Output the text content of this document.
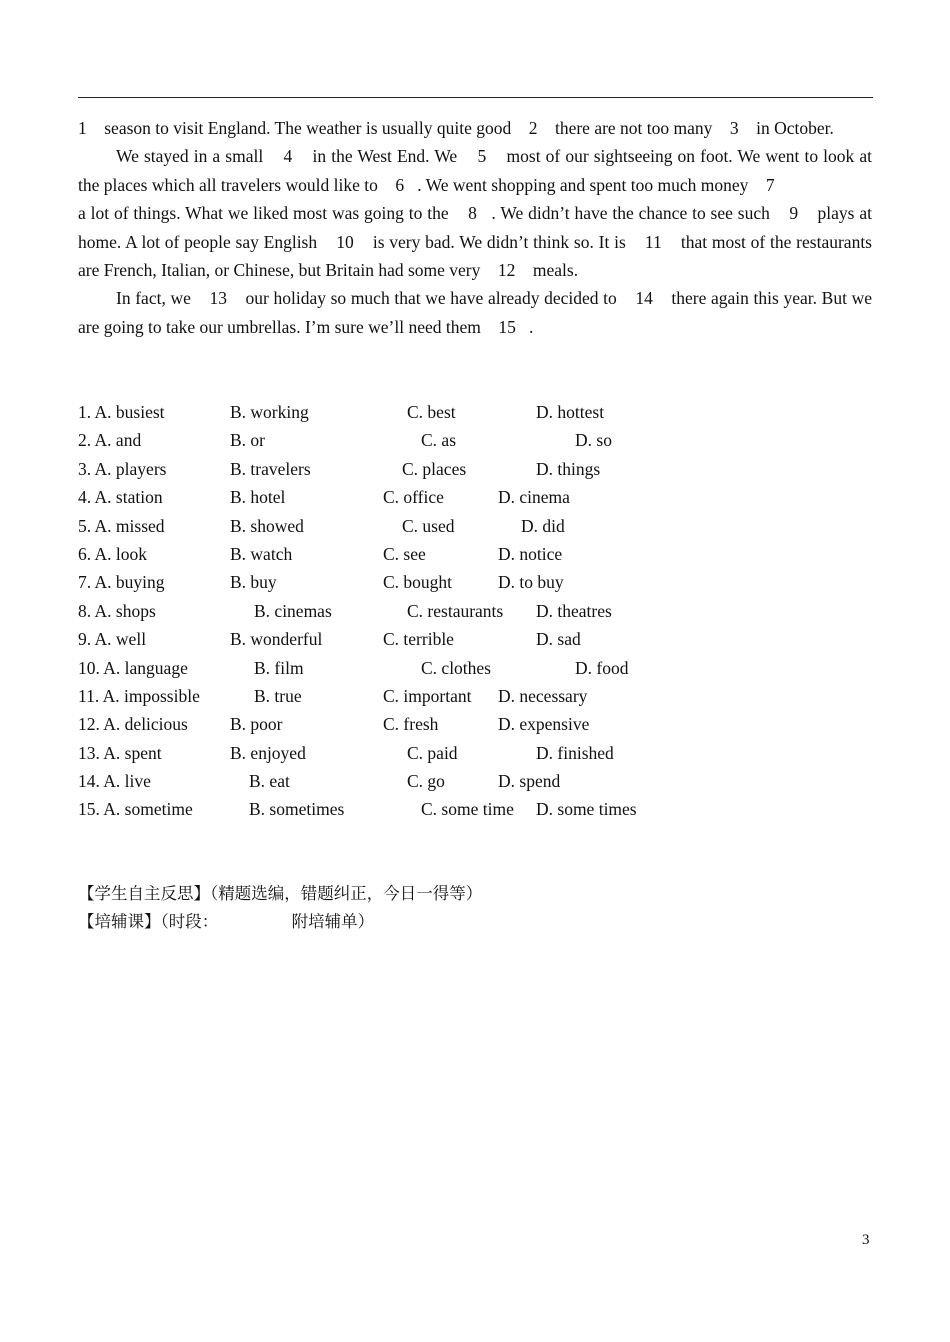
1    season to visit England. The weather is usually quite good    2    there are not too many    3    in October.

We stayed in a small    4    in the West End. We    5    most of our sightseeing on foot. We went to look at the places which all travelers would like to    6   . We went shopping and spent too much money    7

a lot of things. What we liked most was going to the    8   . We didn’t have the chance to see such    9    plays at home. A lot of people say English    10    is very bad. We didn’t think so. It is    11    that most of the restaurants are French, Italian, or Chinese, but Britain had some very    12    meals.

In fact, we    13    our holiday so much that we have already decided to    14    there again this year. But we are going to take our umbrellas. I’m sure we’ll need them    15   .

1. A. busiest	B. working	C. best	D. hottest
2. A. and	B. or	C. as	D. so
3. A. players	B. travelers	C. places	D. things
4. A. station	B. hotel	C. office	D. cinema
5. A. missed	B. showed	C. used	D. did
6. A. look	B. watch	C. see	D. notice
7. A. buying	B. buy	C. bought	D. to buy
8. A. shops	B. cinemas	C. restaurants D. theatres
9. A. well	B. wonderful	C. terrible	D. sad
10. A. language	B. film	C. clothes	D. food
11. A. impossible	B. true	C. important D. necessary
12. A. delicious B. poor	C. fresh	D. expensive
13. A. spent	B. enjoyed	C. paid	D. finished
14. A. live	B. eat	C. go	D. spend
15. A. sometime	B. sometimes	C. some time D. some times
【学生自主反思】（精题选编，错题纠正，今日一得等）
【培辅课】（时段：              附培辅单）
3
